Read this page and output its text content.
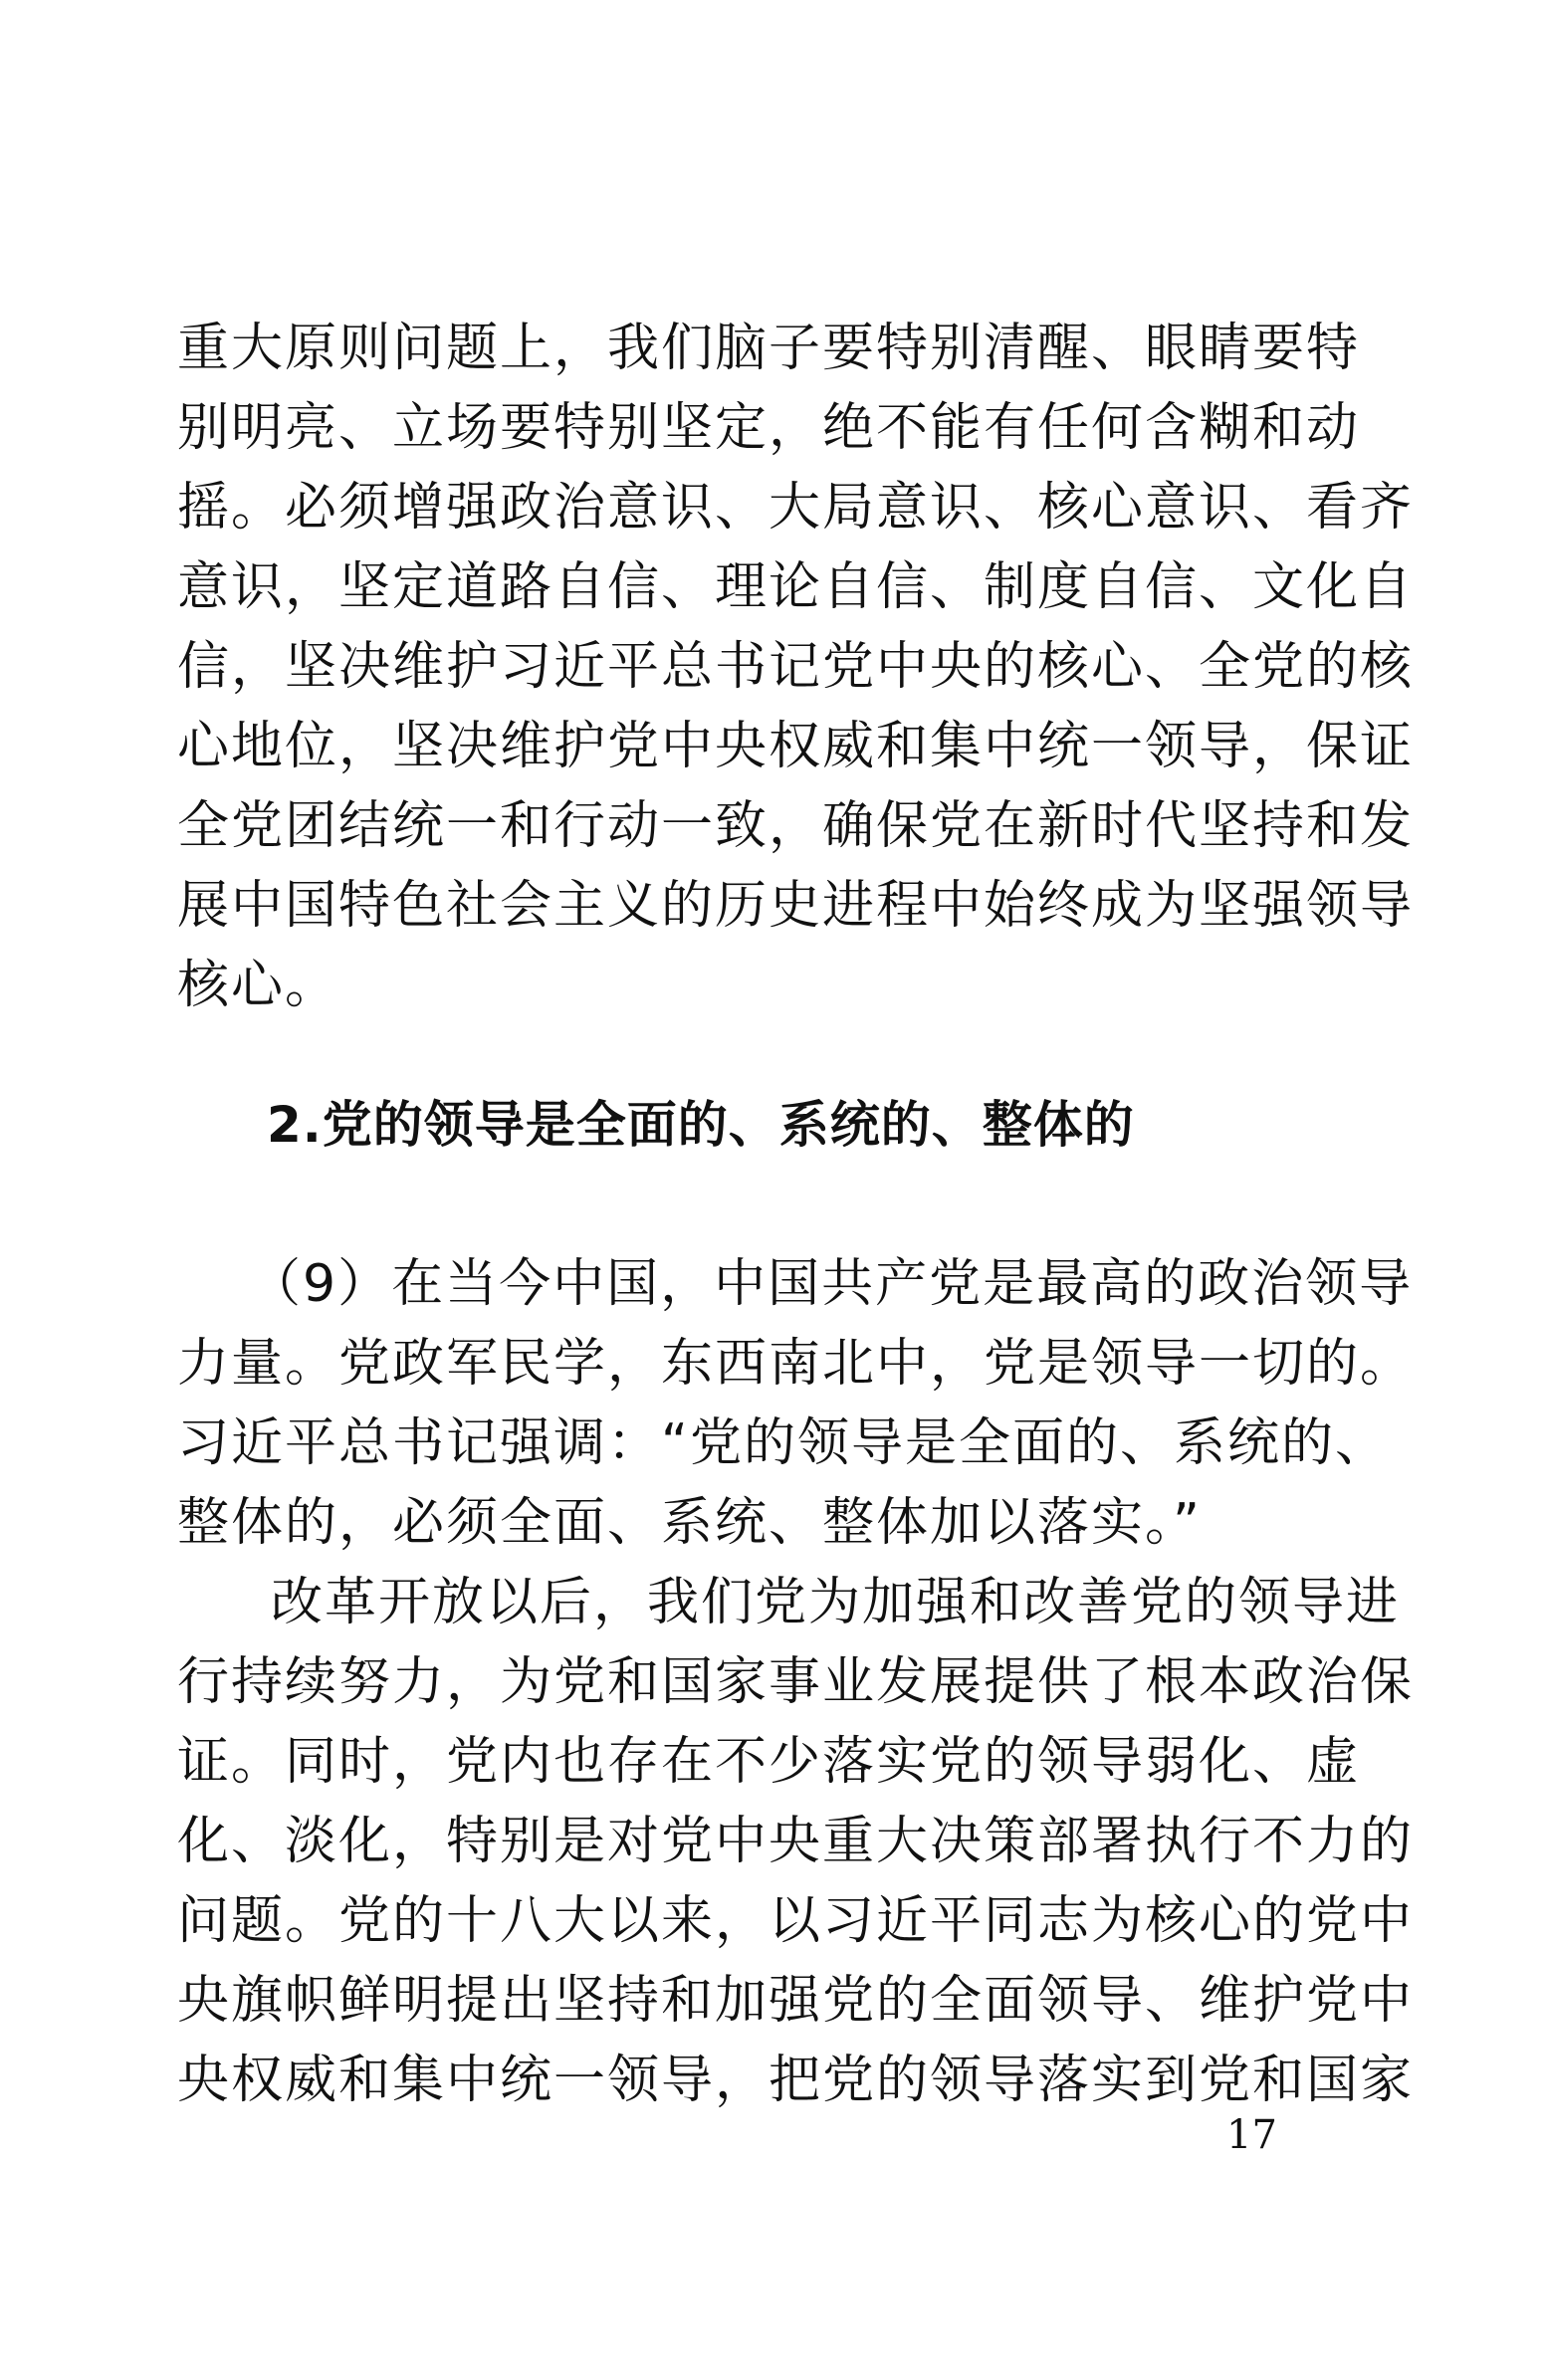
重大原则问题上，我们脑子要特别清醒、眼睛要特
别明亮、立场要特别坚定，绝不能有任何含糊和动
摇。必须增强政治意识、大局意识、核心意识、看齐
意识，坚定道路自信、理论自信、制度自信、文化自
信，坚决维护习近平总书记党中央的核心、全党的核
心地位，坚决维护党中央权威和集中统一领导，保证
全党团结统一和行动一致，确保党在新时代坚持和发
展中国特色社会主义的历史进程中始终成为坚强领导
核心。
2.党的领导是全面的、系统的、整体的
（9）在当今中国，中国共产党是最高的政治领导
力量。党政军民学，东西南北中，党是领导一切的。
习近平总书记强调：“党的领导是全面的、系统的、
整体的，必须全面、系统、整体加以落实。”
改革开放以后，我们党为加强和改善党的领导进
行持续努力，为党和国家事业发展提供了根本政治保
证。同时，党内也存在不少落实党的领导弱化、虚
化、淡化，特别是对党中央重大决策部署执行不力的
问题。党的十八大以来，以习近平同志为核心的党中
央旗帜鲜明提出坚持和加强党的全面领导、维护党中
央权威和集中统一领导，把党的领导落实到党和国家
17
